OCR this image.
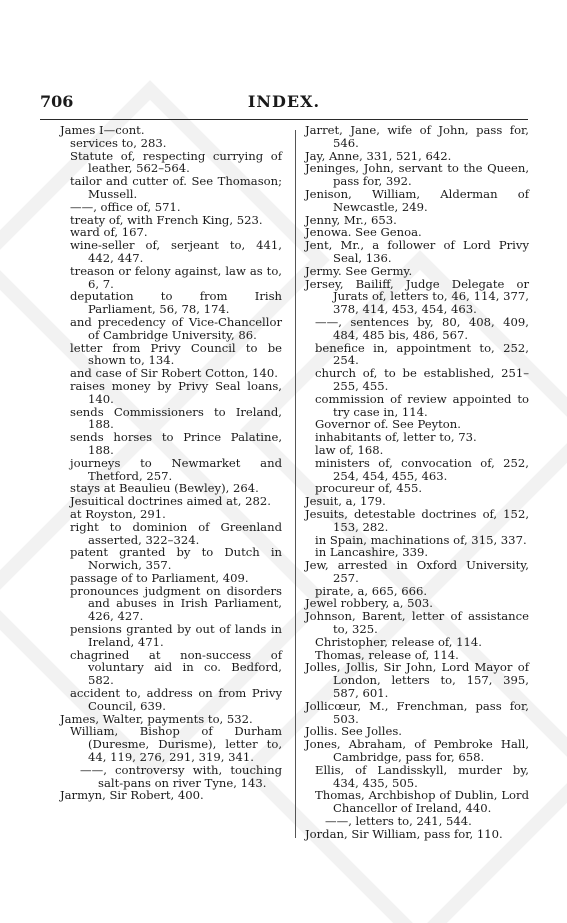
706	INDEX.
James I—cont.
services to, 283.
Statute of, respecting currying of leather, 562–564.
tailor and cutter of. See Thomason; Mussell.
——, office of, 571.
treaty of, with French King, 523.
ward of, 167.
wine-seller of, serjeant to, 441, 442, 447.
treason or felony against, law as to, 6, 7.
deputation to from Irish Parliament, 56, 78, 174.
and precedency of Vice-Chancellor of Cambridge University, 86.
letter from Privy Council to be shown to, 134.
and case of Sir Robert Cotton, 140.
raises money by Privy Seal loans, 140.
sends Commissioners to Ireland, 188.
sends horses to Prince Palatine, 188.
journeys to Newmarket and Thetford, 257.
stays at Beaulieu (Bewley), 264.
Jesuitical doctrines aimed at, 282.
at Royston, 291.
right to dominion of Greenland asserted, 322–324.
patent granted by to Dutch in Norwich, 357.
passage of to Parliament, 409.
pronounces judgment on disorders and abuses in Irish Parliament, 426, 427.
pensions granted by out of lands in Ireland, 471.
chagrined at non-success of voluntary aid in co. Bedford, 582.
accident to, address on from Privy Council, 639.
James, Walter, payments to, 532.
William, Bishop of Durham (Duresme, Durisme), letter to, 44, 119, 276, 291, 319, 341.
——, controversy with, touching salt-pans on river Tyne, 143.
Jarmyn, Sir Robert, 400.
Jarret, Jane, wife of John, pass for, 546.
Jay, Anne, 331, 521, 642.
Jeninges, John, servant to the Queen, pass for, 392.
Jenison, William, Alderman of Newcastle, 249.
Jenny, Mr., 653.
Jenowa. See Genoa.
Jent, Mr., a follower of Lord Privy Seal, 136.
Jermy. See Germy.
Jersey, Bailiff, Judge Delegate or Jurats of, letters to, 46, 114, 377, 378, 414, 453, 454, 463.
——, sentences by, 80, 408, 409, 484, 485 bis, 486, 567.
benefice in, appointment to, 252, 254.
church of, to be established, 251–255, 455.
commission of review appointed to try case in, 114.
Governor of. See Peyton.
inhabitants of, letter to, 73.
law of, 168.
ministers of, convocation of, 252, 254, 454, 455, 463.
procureur of, 455.
Jesuit, a, 179.
Jesuits, detestable doctrines of, 152, 153, 282.
in Spain, machinations of, 315, 337.
in Lancashire, 339.
Jew, arrested in Oxford University, 257.
pirate, a, 665, 666.
Jewel robbery, a, 503.
Johnson, Barent, letter of assistance to, 325.
Christopher, release of, 114.
Thomas, release of, 114.
Jolles, Jollis, Sir John, Lord Mayor of London, letters to, 157, 395, 587, 601.
Jollicœur, M., Frenchman, pass for, 503.
Jollis. See Jolles.
Jones, Abraham, of Pembroke Hall, Cambridge, pass for, 658.
Ellis, of Landisskyll, murder by, 434, 435, 505.
Thomas, Archbishop of Dublin, Lord Chancellor of Ireland, 440.
——, letters to, 241, 544.
Jordan, Sir William, pass for, 110.
